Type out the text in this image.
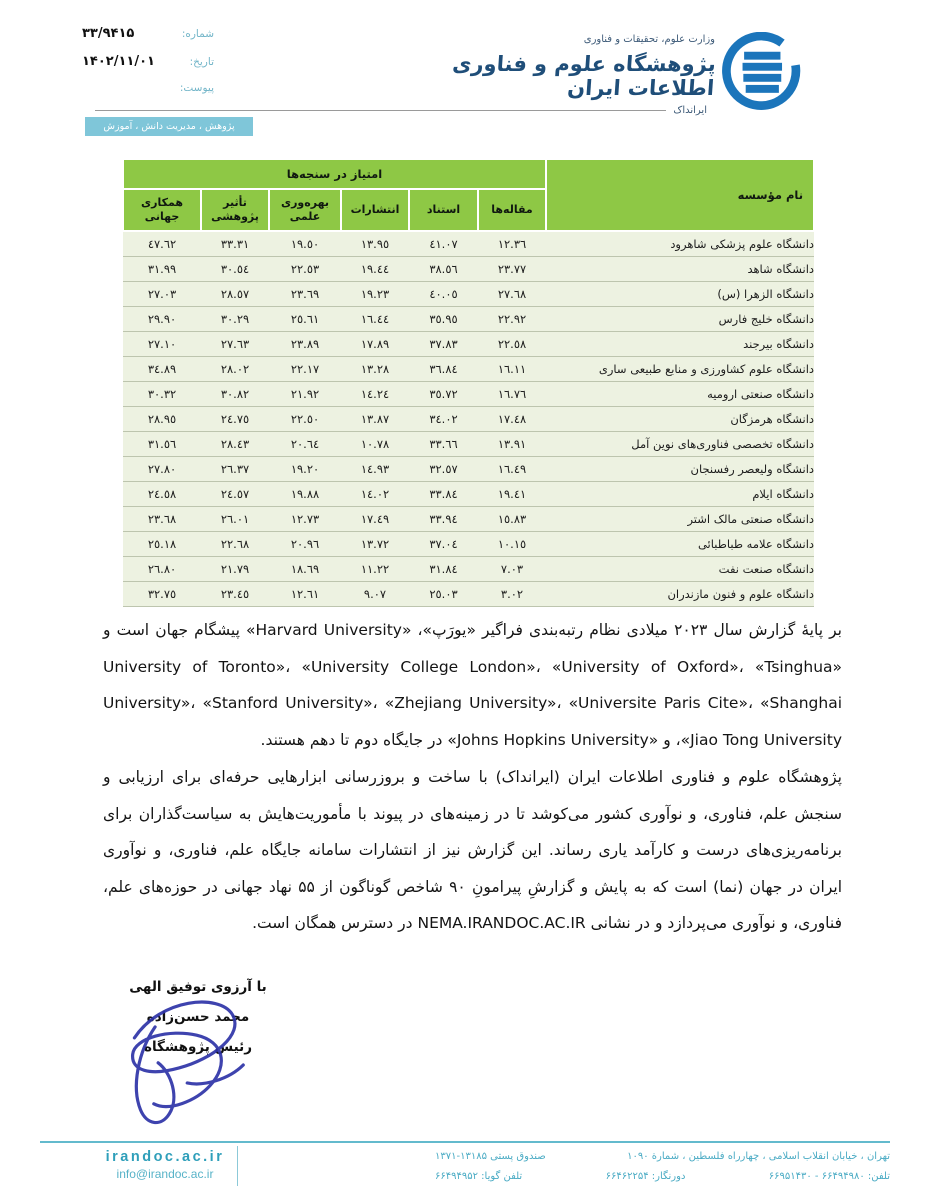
شماره:
۳۳/۹۴۱۵
تاریخ:
۱۴۰۲/۱۱/۰۱
پیوست:
وزارت علوم، تحقیقات و فناوری
پژوهشگاه علوم و فناوری اطلاعات ایران
ایرانداک
پژوهش ، مدیریت دانش ، آموزش
نام مؤسسه	امتیاز در سنجه‌ها					
	مقاله‌ها	استناد	انتشارات	بهره‌وری علمی	تأثیر پژوهشی	همکاری جهانی
دانشگاه علوم پزشکی شاهرود	١٢.٣٦	٤١.٠٧	١٣.٩٥	١٩.٥٠	٣٣.٣١	٤٧.٦٢
دانشگاه شاهد	٢٣.٧٧	٣٨.٥٦	١٩.٤٤	٢٢.٥٣	٣٠.٥٤	٣١.٩٩
دانشگاه الزهرا (س)	٢٧.٦٨	٤٠.٠٥	١٩.٢٣	٢٣.٦٩	٢٨.٥٧	٢٧.٠٣
دانشگاه خلیج فارس	٢٢.٩٢	٣٥.٩٥	١٦.٤٤	٢٥.٦١	٣٠.٢٩	٢٩.٩٠
دانشگاه بیرجند	٢٢.٥٨	٣٧.٨٣	١٧.٨٩	٢٣.٨٩	٢٧.٦٣	٢٧.١٠
دانشگاه علوم کشاورزی و منابع طبیعی ساری	١٦.١١	٣٦.٨٤	١٣.٢٨	٢٢.١٧	٢٨.٠٢	٣٤.٨٩
دانشگاه صنعتی ارومیه	١٦.٧٦	٣٥.٧٢	١٤.٢٤	٢١.٩٢	٣٠.٨٢	٣٠.٣٢
دانشگاه هرمزگان	١٧.٤٨	٣٤.٠٢	١٣.٨٧	٢٢.٥٠	٢٤.٧٥	٢٨.٩٥
دانشگاه تخصصی فناوری‌های نوین آمل	١٣.٩١	٣٣.٦٦	١٠.٧٨	٢٠.٦٤	٢٨.٤٣	٣١.٥٦
دانشگاه ولیعصر رفسنجان	١٦.٤٩	٣٢.٥٧	١٤.٩٣	١٩.٢٠	٢٦.٣٧	٢٧.٨٠
دانشگاه ایلام	١٩.٤١	٣٣.٨٤	١٤.٠٢	١٩.٨٨	٢٤.٥٧	٢٤.٥٨
دانشگاه صنعتی مالک اشتر	١٥.٨٣	٣٣.٩٤	١٧.٤٩	١٢.٧٣	٢٦.٠١	٢٣.٦٨
دانشگاه علامه طباطبائی	١٠.١٥	٣٧.٠٤	١٣.٧٢	٢٠.٩٦	٢٢.٦٨	٢٥.١٨
دانشگاه صنعت نفت	٧.٠٣	٣١.٨٤	١١.٢٢	١٨.٦٩	٢١.٧٩	٢٦.٨٠
دانشگاه علوم و فنون مازندران	٣.٠٢	٢٥.٠٣	٩.٠٧	١٢.٦١	٢٣.٤٥	٣٢.٧٥

بر پایهٔ گزارش سال ۲۰۲۳ میلادی نظام رتبه‌بندی فراگیر «یورَپ»، «Harvard University» پیشگام جهان است و «University of Toronto»، «University College London»، «University of Oxford»، «Tsinghua University»، «Stanford University»، «Zhejiang University»، «Universite Paris Cite»، «Shanghai Jiao Tong University»، و «Johns Hopkins University» در جایگاه دوم تا دهم هستند.

پژوهشگاه علوم و فناوری اطلاعات ایران (ایرانداک) با ساخت و بروزرسانی ابزارهایی حرفه‌ای برای ارزیابی و سنجش علم، فناوری، و نوآوری کشور می‌کوشد تا در زمینه‌های در پیوند با مأموریت‌هایش به سیاست‌گذاران برای برنامه‌ریزی‌های درست و کارآمد یاری رساند. این گزارش نیز از انتشارات سامانه جایگاه علم، فناوری، و نوآوری ایران در جهان (نما) است که به پایش و گزارشِ پیرامونِ ۹۰ شاخص گوناگون از ۵۵ نهاد جهانی در حوزه‌های علم، فناوری، و نوآوری می‌پردازد و در نشانی NEMA.IRANDOC.AC.IR در دسترس همگان است.

با آرزوی توفیق الهی
محمد حسن‌زاده
رئیس پژوهشگاه
irandoc.ac.ir
info@irandoc.ac.ir
تهران ، خیابان انقلاب اسلامی ، چهارراه فلسطین ، شمارة ۱۰۹۰
صندوق پستی ۱۳۱۸۵-۱۳۷۱
تلفن: ۶۶۴۹۴۹۸۰ - ۶۶۹۵۱۴۳۰
دورنگار: ۶۶۴۶۲۲۵۴
تلفن گویا: ۶۶۴۹۴۹۵۲
